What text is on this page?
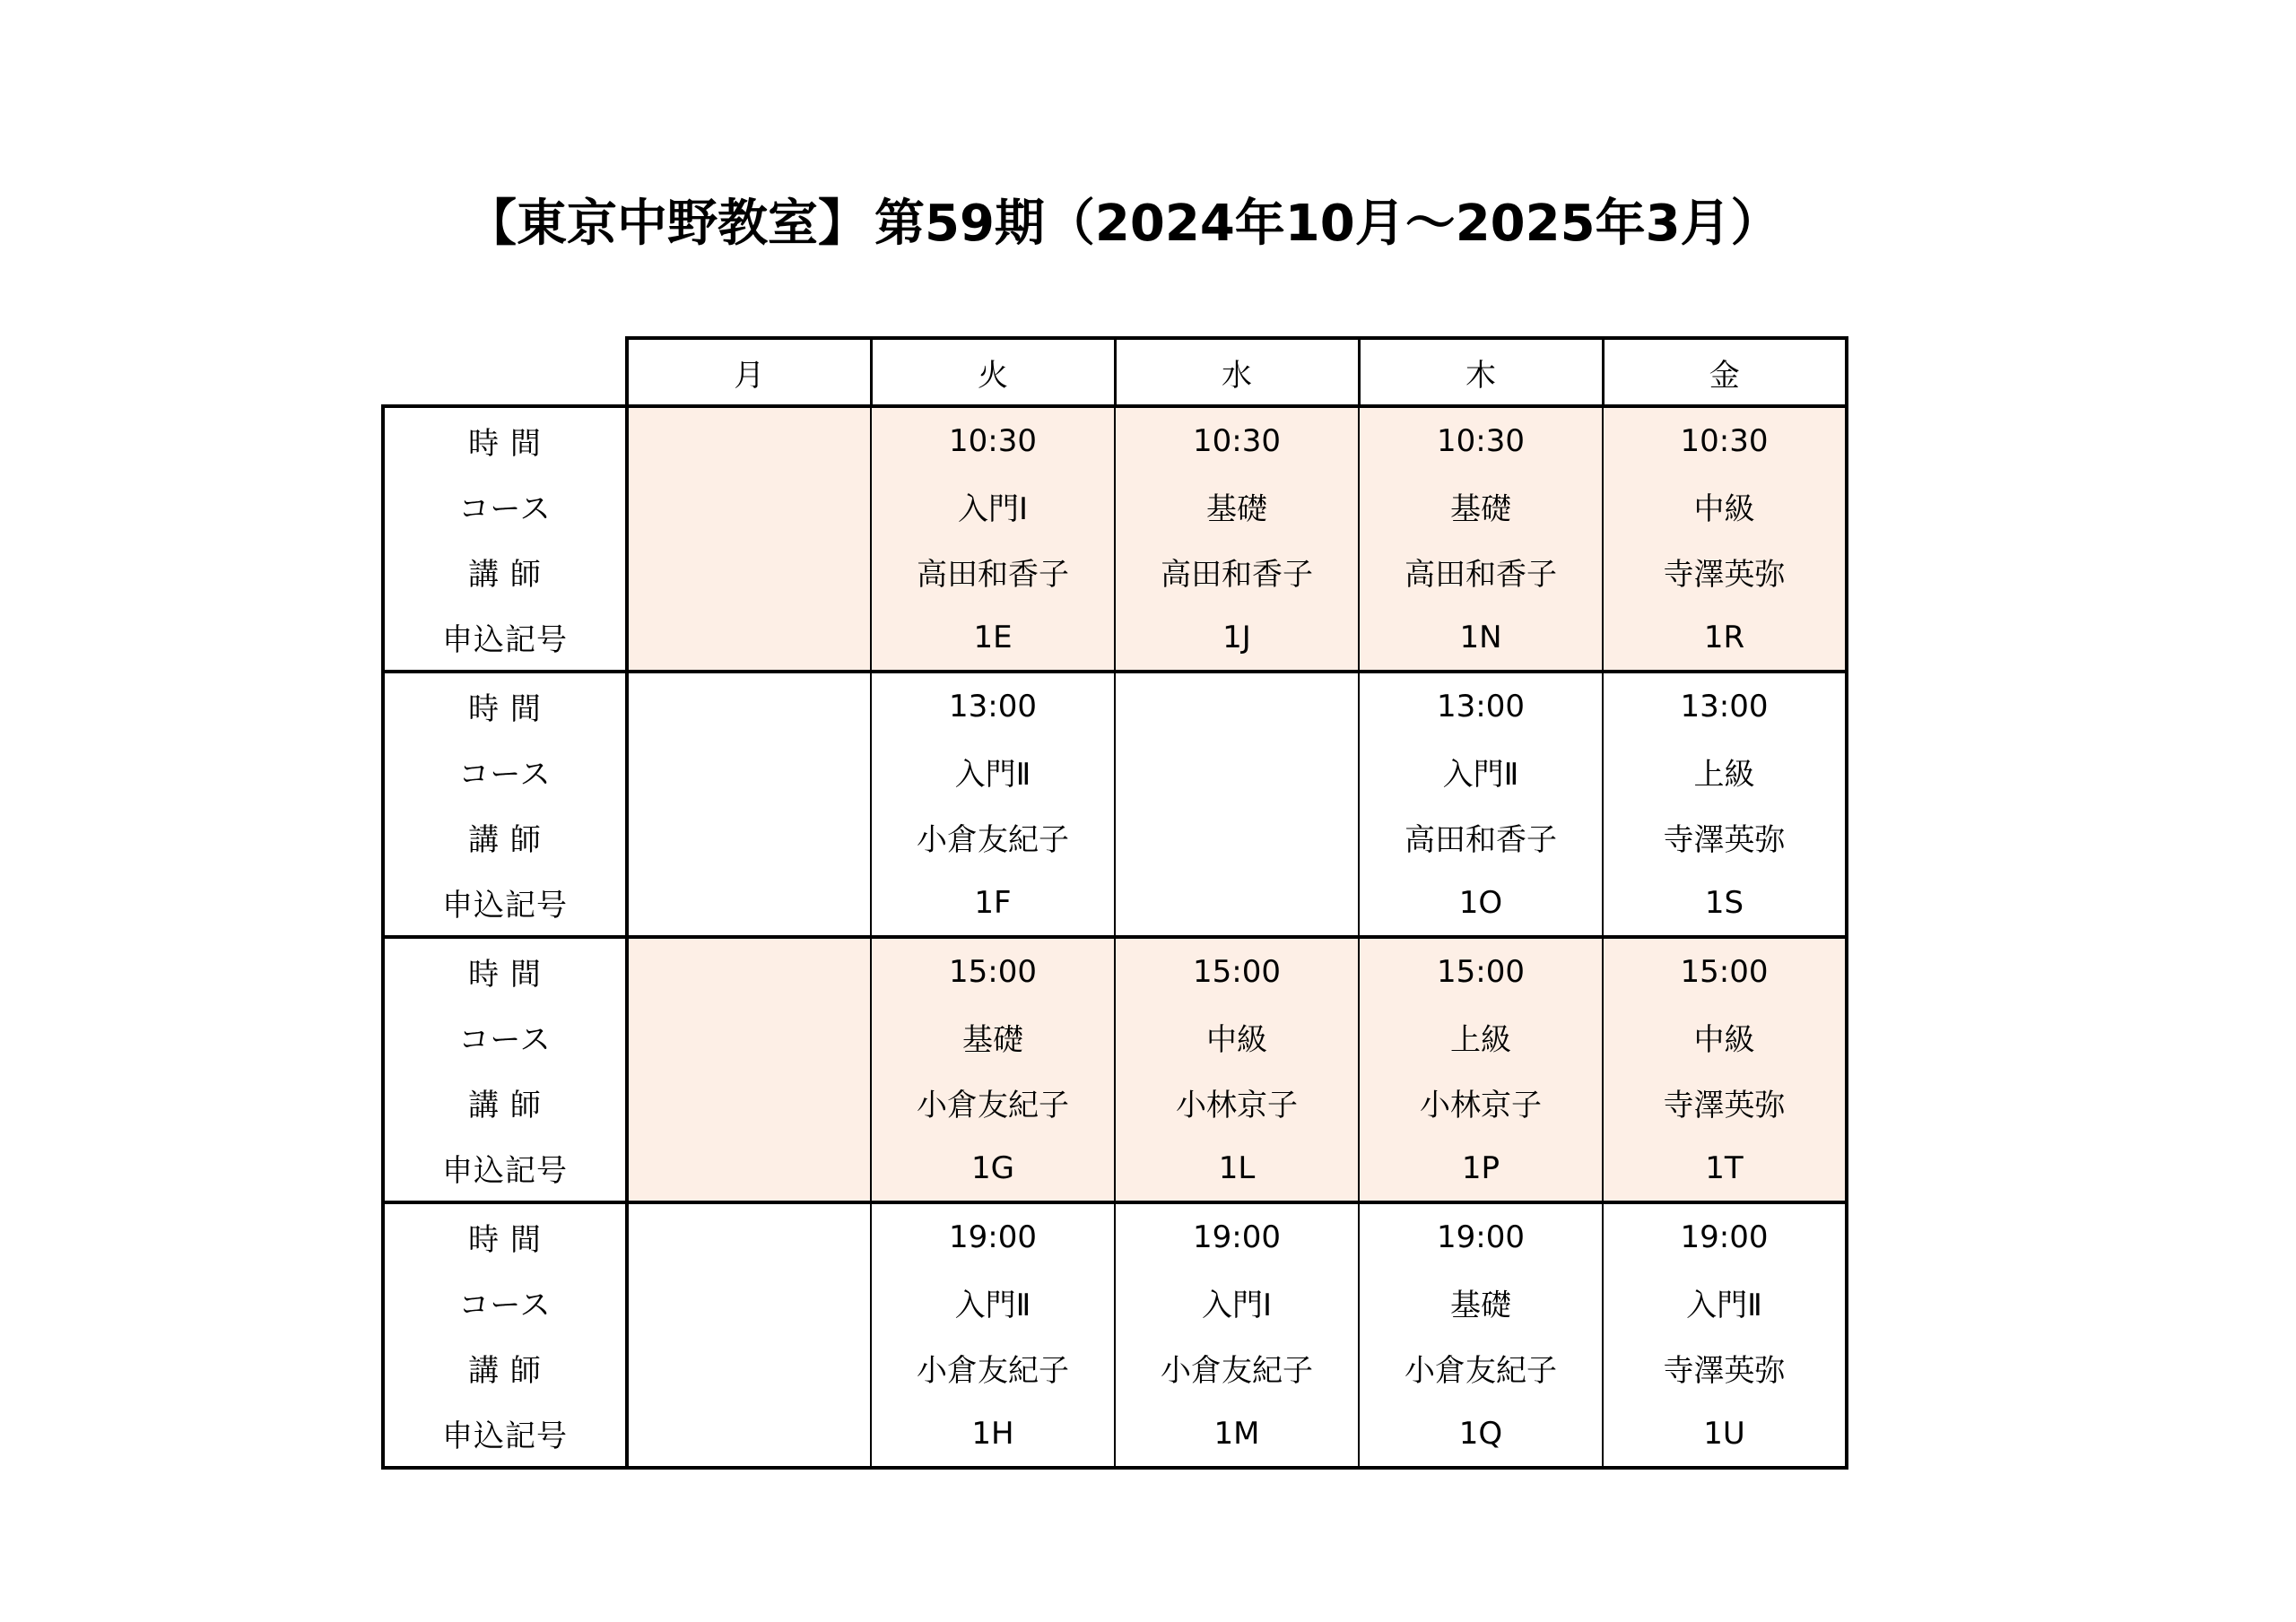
【東京中野教室】 第59期（2024年10月～2025年3月）
	月	火	水	木	金
時 間		10:30	10:30	10:30	10:30
コース		入門Ⅰ	基礎	基礎	中級
講 師		高田和香子	高田和香子	高田和香子	寺澤英弥
申込記号		1E	1J	1N	1R
時 間		13:00		13:00	13:00
コース		入門Ⅱ		入門Ⅱ	上級
講 師		小倉友紀子		高田和香子	寺澤英弥
申込記号		1F		1O	1S
時 間		15:00	15:00	15:00	15:00
コース		基礎	中級	上級	中級
講 師		小倉友紀子	小林京子	小林京子	寺澤英弥
申込記号		1G	1L	1P	1T
時 間		19:00	19:00	19:00	19:00
コース		入門Ⅱ	入門Ⅰ	基礎	入門Ⅱ
講 師		小倉友紀子	小倉友紀子	小倉友紀子	寺澤英弥
申込記号		1H	1M	1Q	1U
